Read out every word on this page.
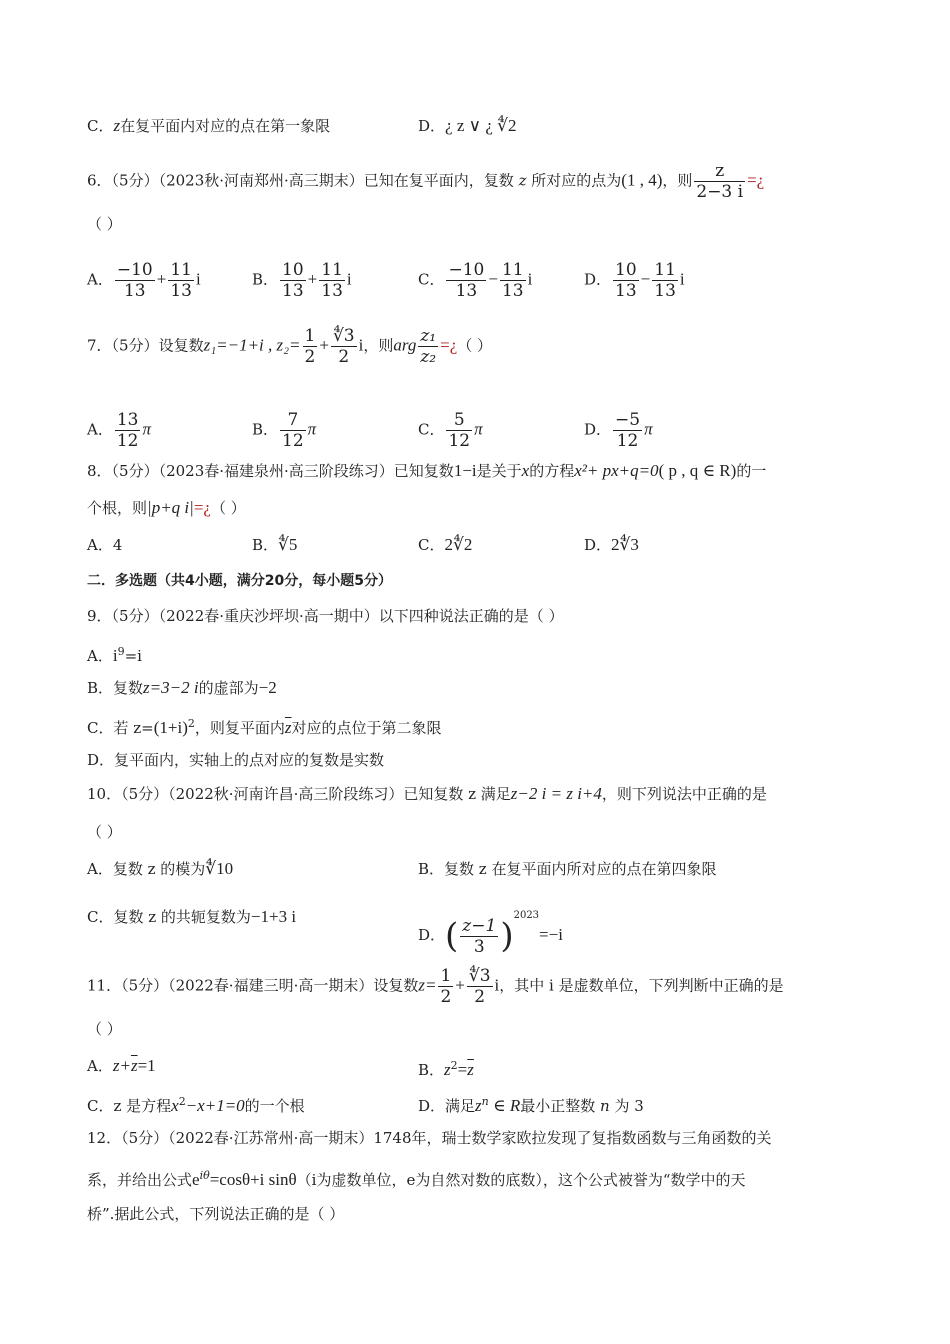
C．z在复平面内对应的点在第一象限	D．¿ z ∨ ¿ ∜2
6．（5分）（2023秋·河南郑州·高三期末）已知在复平面内，复数 z 所对应的点为(1 , 4)，则 $\frac{z}{2-3 i}$ =¿
（ ）
A． $\frac{-10}{13} + \frac{11}{13}$ i	B． $\frac{10}{13} + \frac{11}{13}$ i	C． $\frac{-10}{13} - \frac{11}{13}$ i	D． $\frac{10}{13} - \frac{11}{13}$ i
7．（5分）设复数z₁=−1+i , $z_2= \frac{1}{2} + \frac{∜3}{2}$ i，则arg $\frac{\text{z₁}}{\text{z₂}}$ =¿（ ）
A． $\frac{13}{12}$ π	B． $\frac{7}{12}$ π	C． $\frac{5}{12}$ π	D． $\frac{-5}{12}$ π
8．（5分）（2023春·福建泉州·高三阶段练习）已知复数1−i是关于x的方程x²+ px+q=0( p , q ∈ R)的一
个根，则|p+q i|=¿（ ）
A．4	B．∜5	C．2∜2	D．2∜3
二．多选题（共4小题，满分20分，每小题5分）
9．（5分）（2022春·重庆沙坪坝·高一期中）以下四种说法正确的是（ ）
A．$i^9=i$
B．复数z=3−2 i的虚部为−2
C．若 $z=(1+i)^2$，则复平面内$\overline{z}$对应的点位于第二象限
D．复平面内，实轴上的点对应的复数是实数
10．（5分）（2022秋·河南许昌·高三阶段练习）已知复数 z 满足z−2 i = z i+4，则下列说法中正确的是
（ ）
A．复数 z 的模为∜10	B．复数 z 在复平面内所对应的点在第四象限
C．复数 z 的共轭复数为−1+3 i
D．( $\frac{z-1}{3} )^{2023}=-i$
11．（5分）（2022春·福建三明·高一期末）设复数$z= \frac{1}{2} + \frac{∜3}{2}$ i，其中 i 是虚数单位，下列判断中正确的是
（ ）
A．$z+\overline{z}=1$	B．$z^2=\overline{z}$
C．z 是方程$x^2-x+1=0$的一个根	D．满足$z^n$ ∈ R最小正整数 n 为 3
12．（5分）（2022春·江苏常州·高一期末）1748年，瑞士数学家欧拉发现了复指数函数与三角函数的关
系，并给出公式$e^{i\theta}=\cos\theta+i$ sinθ（i为虚数单位，e为自然对数的底数），这个公式被誉为“数学中的天
桥”.据此公式，下列说法正确的是（ ）
